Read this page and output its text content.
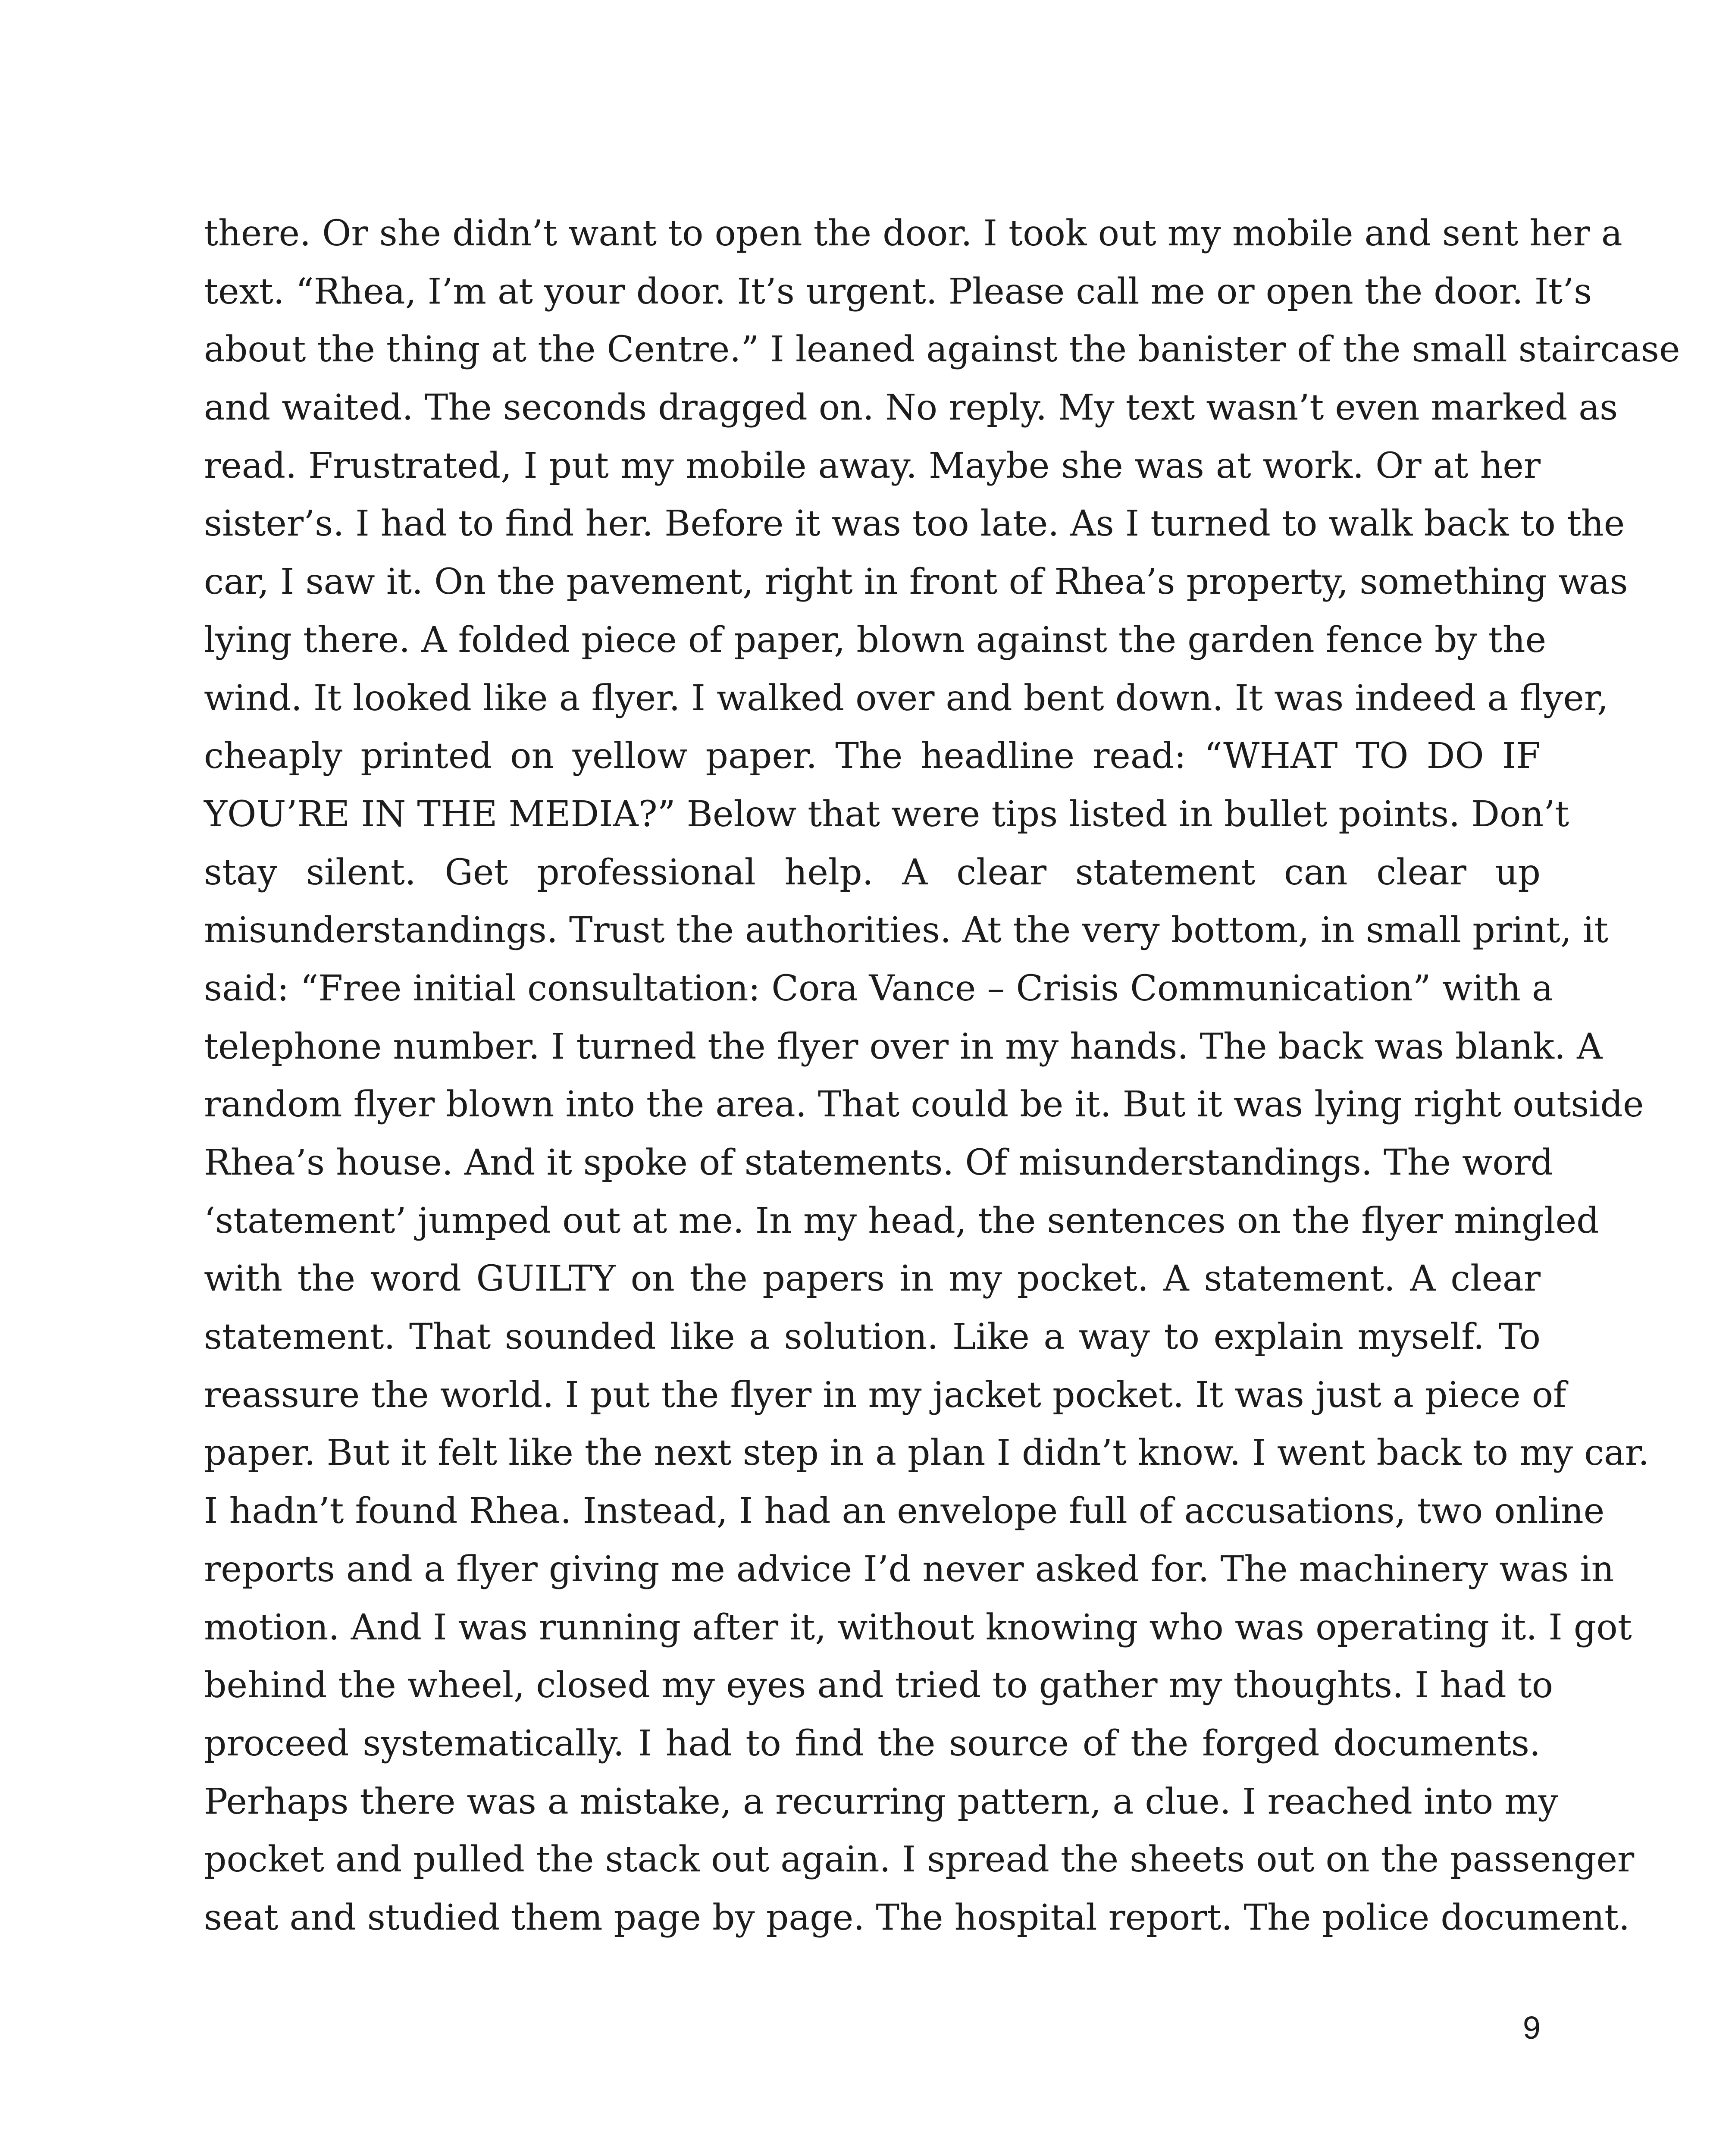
there. Or she didn’t want to open the door. I took out my mobile and sent her a
text. “Rhea, I’m at your door. It’s urgent. Please call me or open the door. It’s
about the thing at the Centre.” I leaned against the banister of the small staircase
and waited. The seconds dragged on. No reply. My text wasn’t even marked as
read. Frustrated, I put my mobile away. Maybe she was at work. Or at her
sister’s. I had to find her. Before it was too late. As I turned to walk back to the
car, I saw it. On the pavement, right in front of Rhea’s property, something was
lying there. A folded piece of paper, blown against the garden fence by the
wind. It looked like a flyer. I walked over and bent down. It was indeed a flyer,
cheaply printed on yellow paper. The headline read: “WHAT TO DO IF
YOU’RE IN THE MEDIA?” Below that were tips listed in bullet points. Don’t
stay silent. Get professional help. A clear statement can clear up
misunderstandings. Trust the authorities. At the very bottom, in small print, it
said: “Free initial consultation: Cora Vance – Crisis Communication” with a
telephone number. I turned the flyer over in my hands. The back was blank. A
random flyer blown into the area. That could be it. But it was lying right outside
Rhea’s house. And it spoke of statements. Of misunderstandings. The word
‘statement’ jumped out at me. In my head, the sentences on the flyer mingled
with the word GUILTY on the papers in my pocket. A statement. A clear
statement. That sounded like a solution. Like a way to explain myself. To
reassure the world. I put the flyer in my jacket pocket. It was just a piece of
paper. But it felt like the next step in a plan I didn’t know. I went back to my car.
I hadn’t found Rhea. Instead, I had an envelope full of accusations, two online
reports and a flyer giving me advice I’d never asked for. The machinery was in
motion. And I was running after it, without knowing who was operating it. I got
behind the wheel, closed my eyes and tried to gather my thoughts. I had to
proceed systematically. I had to find the source of the forged documents.
Perhaps there was a mistake, a recurring pattern, a clue. I reached into my
pocket and pulled the stack out again. I spread the sheets out on the passenger
seat and studied them page by page. The hospital report. The police document.
9
